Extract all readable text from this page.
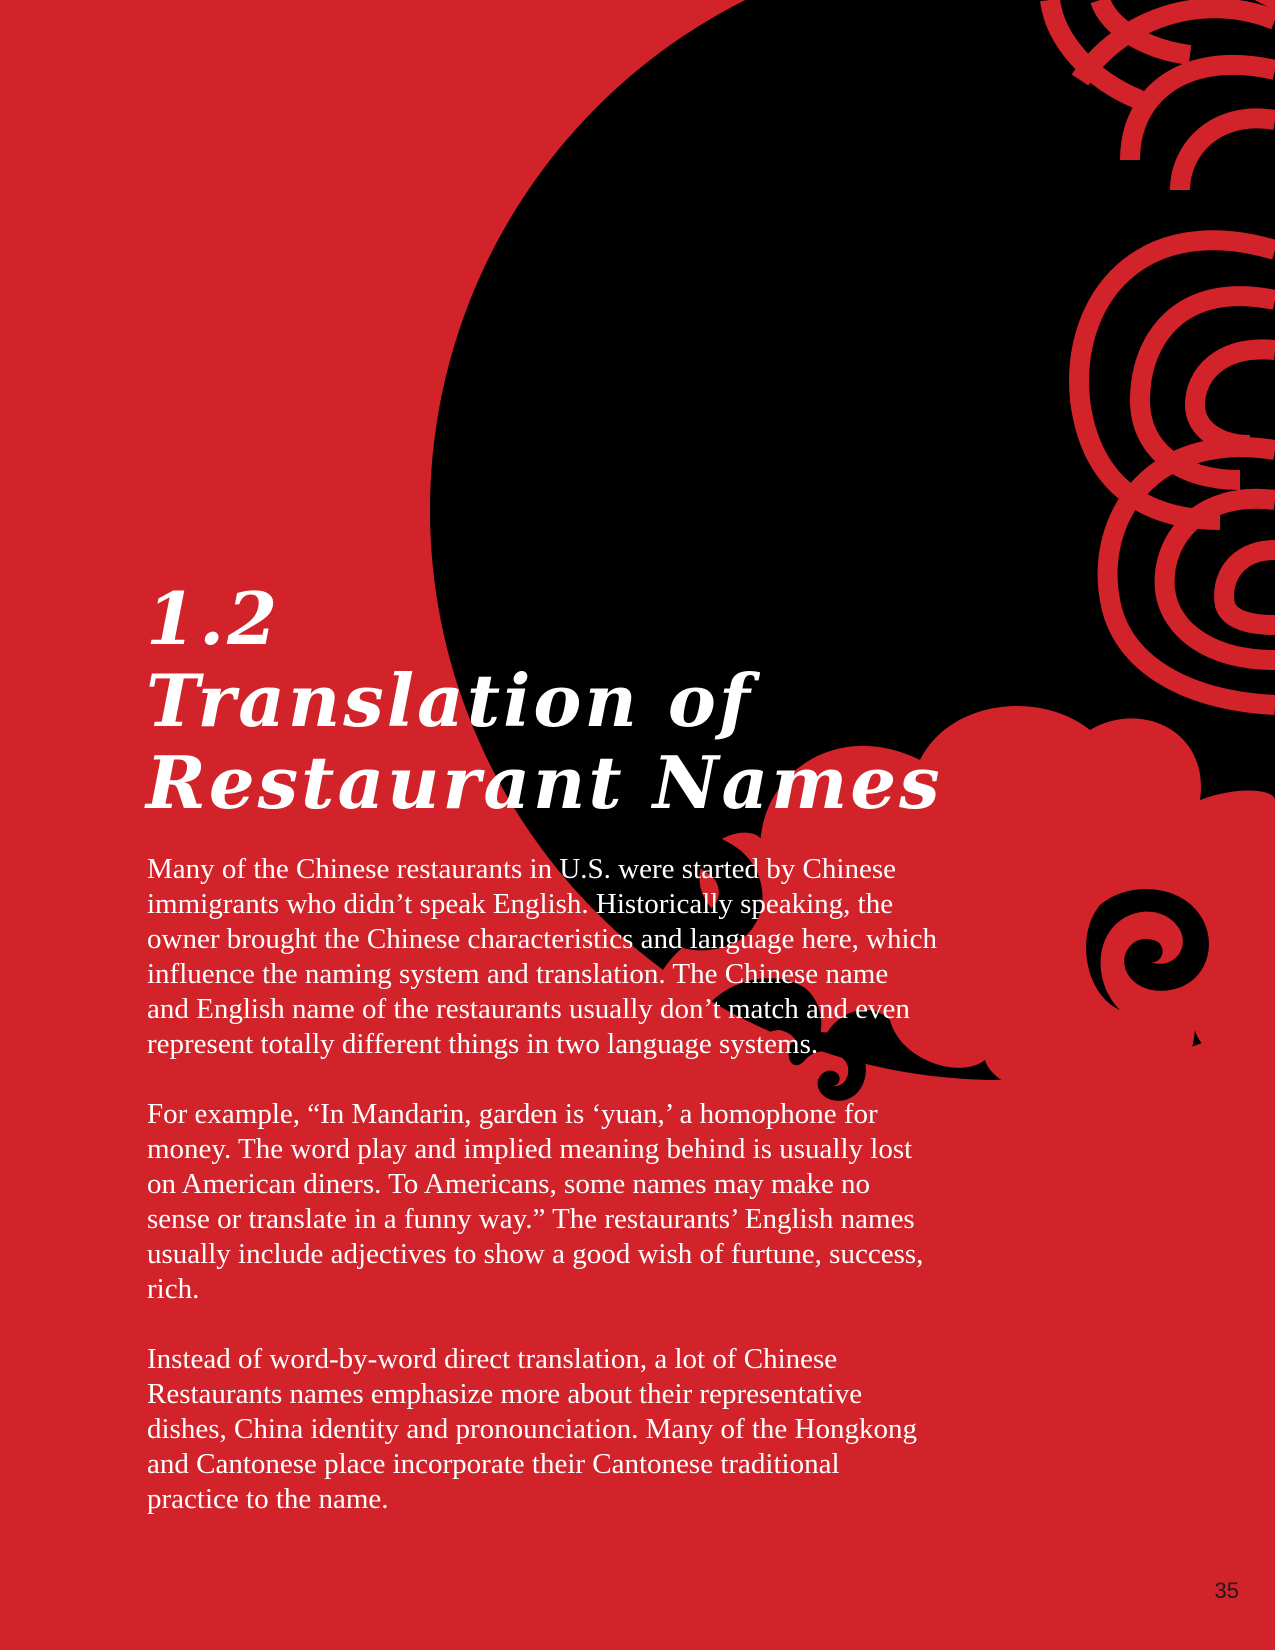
1.2
Translation of
Restaurant Names

Many of the Chinese restaurants in U.S. were started by Chinese immigrants who didn’t speak English. Historically speaking, the owner brought the Chinese characteristics and language here, which influence the naming system and translation. The Chinese name and English name of the restaurants usually don’t match and even represent totally different things in two language systems.

For example, “In Mandarin, garden is ‘yuan,’ a homophone for money. The word play and implied meaning behind is usually lost on American diners. To Americans, some names may make no sense or translate in a funny way.” The restaurants’ English names usually include adjectives to show a good wish of furtune, success, rich.

Instead of word-by-word direct translation, a lot of Chinese Restaurants names emphasize more about their representative dishes, China identity and pronounciation. Many of the Hongkong and Cantonese place incorporate their Cantonese traditional practice to the name.

35
